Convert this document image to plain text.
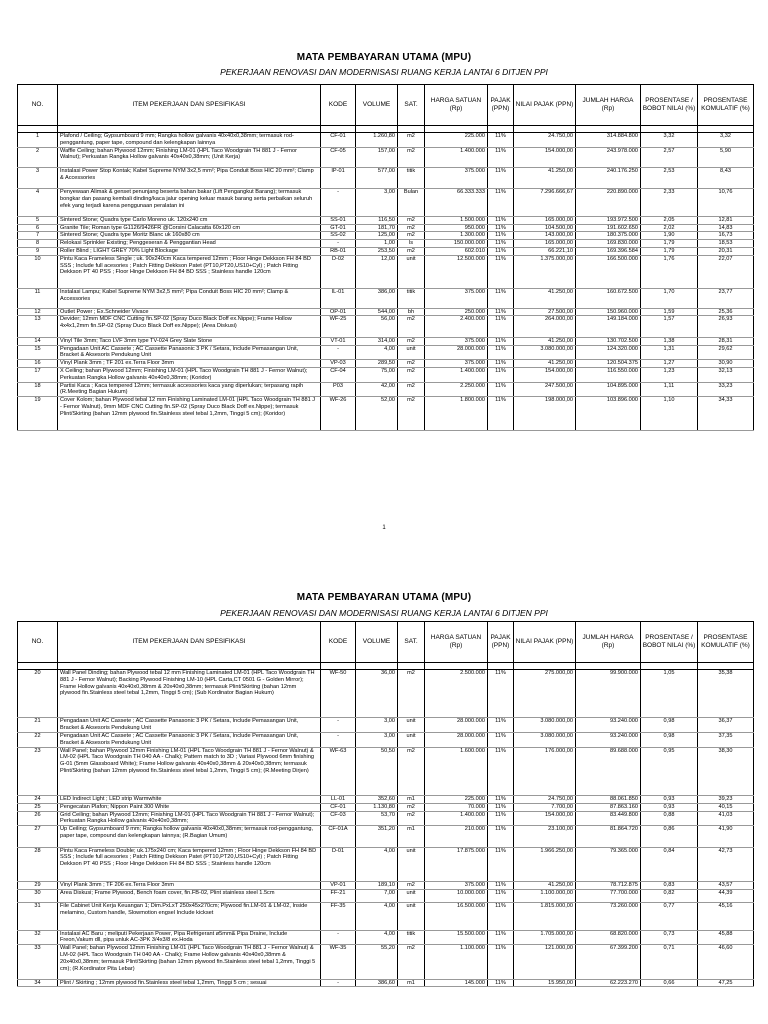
MATA PEMBAYARAN UTAMA (MPU)
PEKERJAAN RENOVASI DAN MODERNISASI RUANG KERJA LANTAI 6 DITJEN PPI
NO.	ITEM PEKERJAAN DAN SPESIFIKASI	KODE	VOLUME	SAT.	HARGA SATUAN (Rp)	PAJAK (PPN)	NILAI PAJAK (PPN)	JUMLAH HARGA (Rp)	PROSENTASE / BOBOT NILAI (%)	PROSENTASE KOMULATIF (%)

1	Plafond / Ceiling; Gypsumboard 9 mm; Rangka hollow galvanis 40x40x0,38mm; termasuk rod-penggantung, paper tape, compound dan kelengkapan lainnya	CF-01	1.260,80	m2	225.000	11%	24.750,00	314.884.800	3,32	3,32
2	Waffle Ceiling; bahan Plywood 12mm; Finishing LM-01 (HPL Taco Woodgrain TH 881 J - Fernor Walnut); Perkuatan Rangka Hollow galvanis 40x40x0,38mm; (Unit Kerja)	CF-05	157,00	m2	1.400.000	11%	154.000,00	243.978.000	2,57	5,90
3	Instalasi Power Stop Kontak; Kabel Supreme NYM 3x2,5 mm²; Pipa Conduit Boss HIC 20 mm²; Clamp & Accessories	IP-01	577,00	titik	375.000	11%	41.250,00	240.176.250	2,53	8,43
4	Penyewaan Alimak & genset penunjang beserta bahan bakar (Lift Pengangkut Barang); termasuk bongkar dan pasang kembali dinding/kaca jalur opening keluar masuk barang serta perbaikan seluruh efek yang terjadi karena penggunaan peralatan ini	-	3,00	Bulan	66.333.333	11%	7.296.666,67	220.890.000	2,33	10,76
5	Sintered Stone; Quadra type Carlo Moreno uk. 120x240 cm	SS-01	116,50	m2	1.500.000	11%	165.000,00	193.972.500	2,05	12,81
6	Granite Tile; Roman type G1126/9426FR @Corsini Calacatta 60x120 cm	GT-01	181,70	m2	950.000	11%	104.500,00	191.602.650	2,02	14,83
7	Sintered Stone; Quadra type Moritz Blanc uk 160x80 cm	SS-02	125,00	m2	1.300.000	11%	143.000,00	180.375.000	1,90	16,73
8	Relokasi Sprinkler Existing; Penggeseran & Penggantian Head	-	1,00	ls	150.000.000	11%	165.000,00	169.830.000	1,79	18,53
9	Roller Blind ; LIGHT GREY 70% Light Blockage	RB-01	253,50	m2	602.010	11%	66.221,10	169.396.584	1,79	20,31
10	Pintu Kaca Frameless Single ; uk. 90x240cm Kaca tempered 12mm ; Floor Hinge Dekkson FH 84 BD SSS ; Include full acesories ; Patch Fitting Dekkson Patet (PT10,PT20,US10+Cyl) ; Patch Fitting Dekkson PT 40 PSS ; Floor Hinge Dekkson FH 84 BD SSS ; Stainless handle 120cm	D-02	12,00	unit	12.500.000	11%	1.375.000,00	166.500.000	1,76	22,07
11	Instalasi Lampu; Kabel Supreme NYM 3x2,5 mm²; Pipa Conduit Boss HIC 20 mm²; Clamp & Accessories	IL-01	386,00	titik	375.000	11%	41.250,00	160.672.500	1,70	23,77
12	Outlet Power ; Ex.Schneider Vivace	OP-01	544,00	bh	250.000	11%	27.500,00	150.960.000	1,59	25,36
13	Devider; 12mm MDF CNC Cutting fin.SP-02 (Spray Duco Black Doff ex.Nippe); Frame Hollow 4x4x1,2mm fin.SP-02 (Spray Duco Black Doff ex.Nippe); (Area Diskusi)	WF-25	56,00	m2	2.400.000	11%	264.000,00	149.184.000	1,57	26,93
14	Vinyl Tile 3mm; Taco LVF 3mm type TV-024 Grey Slate Stone	VT-01	314,00	m2	375.000	11%	41.250,00	130.702.500	1,38	28,31
15	Pengadaan Unit AC Cassete ; AC Cassette Panasonic 3 PK / Setara, Include Pemasangan Unit, Bracket & Aksesoris Pendukung Unit	-	4,00	unit	28.000.000	11%	3.080.000,00	124.320.000	1,31	29,62
16	Vinyl Plank 3mm ; TF 201 ex.Terra Floor 3mm	VP-03	289,50	m2	375.000	11%	41.250,00	120.504.375	1,27	30,90
17	X Ceiling; bahan Plywood 12mm; Finishing LM-01 (HPL Taco Woodgrain TH 881 J - Fernor Walnut); Perkuatan Rangka Hollow galvanis 40x40x0,38mm; (Koridor)	CF-04	75,00	m2	1.400.000	11%	154.000,00	116.550.000	1,23	32,13
18	Partisi Kaca ; Kaca tempered 12mm; termasuk accessories kaca yang diperlukan; terpasang rapih (R.Meeting Bagian Hukum)	P03	42,00	m2	2.250.000	11%	247.500,00	104.895.000	1,11	33,23
19	Cover Kolom; bahan Plywood tebal 12 mm Finishing Laminated LM-01 (HPL Taco Woodgrain TH 881 J - Fernor Walnut), 9mm MDF CNC Cutting fin.SP-02 (Spray Duco Black Doff ex.Nippe); termasuk Plint/Skirting (bahan 12mm plywood fin.Stainless steel tebal 1,2mm, Tinggi 5 cm); (Koridor)	WF-26	52,00	m2	1.800.000	11%	198.000,00	103.896.000	1,10	34,33
1
MATA PEMBAYARAN UTAMA (MPU)
PEKERJAAN RENOVASI DAN MODERNISASI RUANG KERJA LANTAI 6 DITJEN PPI
NO.	ITEM PEKERJAAN DAN SPESIFIKASI	KODE	VOLUME	SAT.	HARGA SATUAN (Rp)	PAJAK (PPN)	NILAI PAJAK (PPN)	JUMLAH HARGA (Rp)	PROSENTASE / BOBOT NILAI (%)	PROSENTASE KOMULATIF (%)

20	Wall Panel Dinding; bahan Plywood tebal 12 mm Finishing Laminated LM-01 (HPL Taco Woodgrain TH 881 J - Fernor Walnut); Backing Plywood Finishing LM-10 (HPL Carta,CT 0501 G - Golden Mirror); Frame Hollow galvanis 40x40x0,38mm & 20x40x0,38mm; termasuk Plint/Skirting (bahan 12mm plywood fin.Stainless steel tebal 1,2mm, Tinggi 5 cm); (Sub Kordinator Bagian Hukum)	WF-50	36,00	m2	2.500.000	11%	275.000,00	99.900.000	1,05	35,38
21	Pengadaan Unit AC Cassete ; AC Cassette Panasonic 3 PK / Setara, Include Pemasangan Unit, Bracket & Aksesoris Pendukung Unit	-	3,00	unit	28.000.000	11%	3.080.000,00	93.240.000	0,98	36,37
22	Pengadaan Unit AC Cassete ; AC Cassette Panasonic 3 PK / Setara, Include Pemasangan Unit, Bracket & Aksesoris Pendukung Unit	-	3,00	unit	28.000.000	11%	3.080.000,00	93.240.000	0,98	37,35
23	Wall Panel; bahan Plywood 12mm Finishing LM-01 (HPL Taco Woodgrain TH 881 J - Fernor Walnut) & LM-02 (HPL Taco Woodgrain TH 040 AA - Chalk); Pattern match to 3D ; Variasi Plywood 6mm finishing G-01 (5mm Glassboard White); Frame Hollow galvanis 40x40x0,38mm & 20x40x0,38mm; termasuk Plint/Skirting (bahan 12mm plywood fin.Stainless steel tebal 1,2mm, Tinggi 5 cm); (R.Meeting Dirjen)	WF-63	50,50	m2	1.600.000	11%	176.000,00	89.688.000	0,95	38,30
24	LED Indirect Light ; LED strip Warmwhite	LL-01	352,60	m1	225.000	11%	24.750,00	88.061.850	0,93	39,23
25	Pengecatan Plafon; Nippon Paint 300 White	CF-01	1.130,80	m2	70.000	11%	7.700,00	87.863.160	0,93	40,15
26	Grid Ceiling; bahan Plywood 12mm; Finishing LM-01 (HPL Taco Woodgrain TH 881 J - Fernor Walnut); Perkuatan Rangka Hollow galvanis 40x40x0,38mm;	CF-03	53,70	m2	1.400.000	11%	154.000,00	83.449.800	0,88	41,03
27	Up Ceiling; Gypsumboard 9 mm; Rangka hollow galvanis 40x40x0,38mm; termasuk rod-penggantung, paper tape, compound dan kelengkapan lainnya; (R.Bagian Umum)	CF-01A	351,20	m1	210.000	11%	23.100,00	81.864.720	0,86	41,90
28	Pintu Kaca Frameless Double; uk.175x240 cm; Kaca tempered 12mm ; Floor Hinge Dekkson FH 84 BD SSS ; Include full acesories ; Patch Fitting Dekkson Patet (PT10,PT20,US10+Cyl) ; Patch Fitting Dekkson PT 40 PSS ; Floor Hinge Dekkson FH 84 BD SSS ; Stainless handle 120cm	D-01	4,00	unit	17.875.000	11%	1.966.250,00	79.365.000	0,84	42,73
29	Vinyl Plank 3mm ; TF 206 ex.Terra Floor 3mm	VP-01	189,10	m2	375.000	11%	41.250,00	78.712.875	0,83	43,57
30	Area Diskusi; Frame Plywood, Bench foam cover, fin.FB-02, Plint stainless steel 1.5cm	FF-21	7,00	unit	10.000.000	11%	1.100.000,00	77.700.000	0,82	44,39
31	File Cabinet Unit Kerja Keuangan 1; Dim.PxLxT 250x45x270cm; Plywood fin.LM-01 & LM-02, Inside melamino, Custom handle, Slowmotion engsel Include kickset	FF-35	4,00	unit	16.500.000	11%	1.815.000,00	73.260.000	0,77	45,16
32	Instalasi AC Baru ; meliputi Pekerjaan Power, Pipa Refrigerant ø5mm& Pipa Draine, Include Freon,Vakum dll, pipa unluk AC-3PK 3/4x3/8 ex.Hoda	-	4,00	titik	15.500.000	11%	1.705.000,00	68.820.000	0,73	45,88
33	Wall Panel; bahan Plywood 12mm Finishing LM-01 (HPL Taco Woodgrain TH 881 J - Fernor Walnut) & LM-02 (HPL Taco Woodgrain TH 040 AA - Chalk); Frame Hollow galvanis 40x40x0,38mm & 20x40x0,38mm; termasuk Plint/Skirting (bahan 12mm plywood fin.Stainless steel tebal 1,2mm, Tinggi 5 cm); (R.Kordinator Pita Lebar)	WF-35	55,20	m2	1.100.000	11%	121.000,00	67.399.200	0,71	46,60
34	Plint / Skirting ; 12mm plywood fin.Stainless steel tebal 1,2mm, Tinggi 5 cm ; sesuai	-	386,60	m1	145.000	11%	15.950,00	62.223.270	0,66	47,25
